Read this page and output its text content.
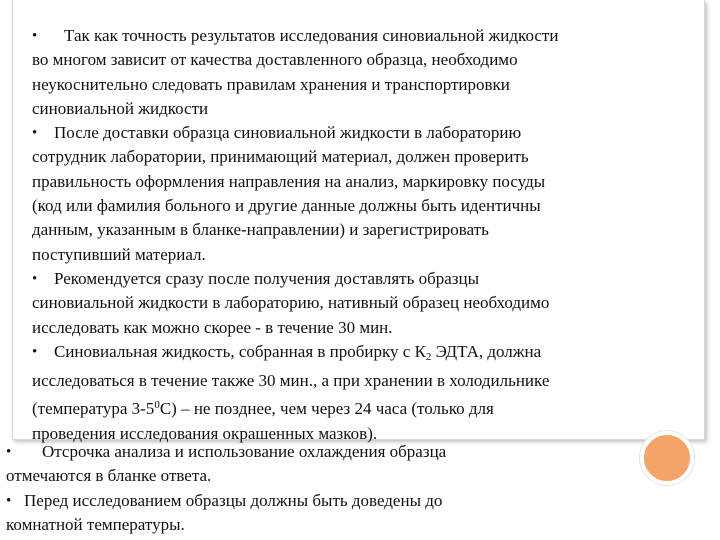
•	Так как точность результатов исследования синовиальной жидкости
во многом зависит от качества доставленного образца, необходимо
неукоснительно следовать правилам хранения и транспортировки
синовиальной жидкости
• После доставки образца синовиальной жидкости в лабораторию
сотрудник лаборатории, принимающий материал, должен проверить
правильность оформления направления на анализ, маркировку посуды
(код или фамилия больного и другие данные должны быть идентичны
данным, указанным в бланке-направлении) и зарегистрировать
поступивший материал.
• Рекомендуется сразу после получения доставлять образцы
синовиальной жидкости в лабораторию, нативный образец необходимо
исследовать как можно скорее - в течение 30 мин.
• Синовиальная жидкость, собранная в пробирку с $К_2$ ЭДТА, должна
исследоваться в течение также 30 мин., а при хранении в холодильнике
(температура $3-5^0С$) – не позднее, чем через 24 часа (только для
проведения исследования окрашенных мазков).
•	Отсрочка анализа и использование охлаждения образца
отмечаются в бланке ответа.
• Перед исследованием образцы должны быть доведены до
комнатной температуры.
